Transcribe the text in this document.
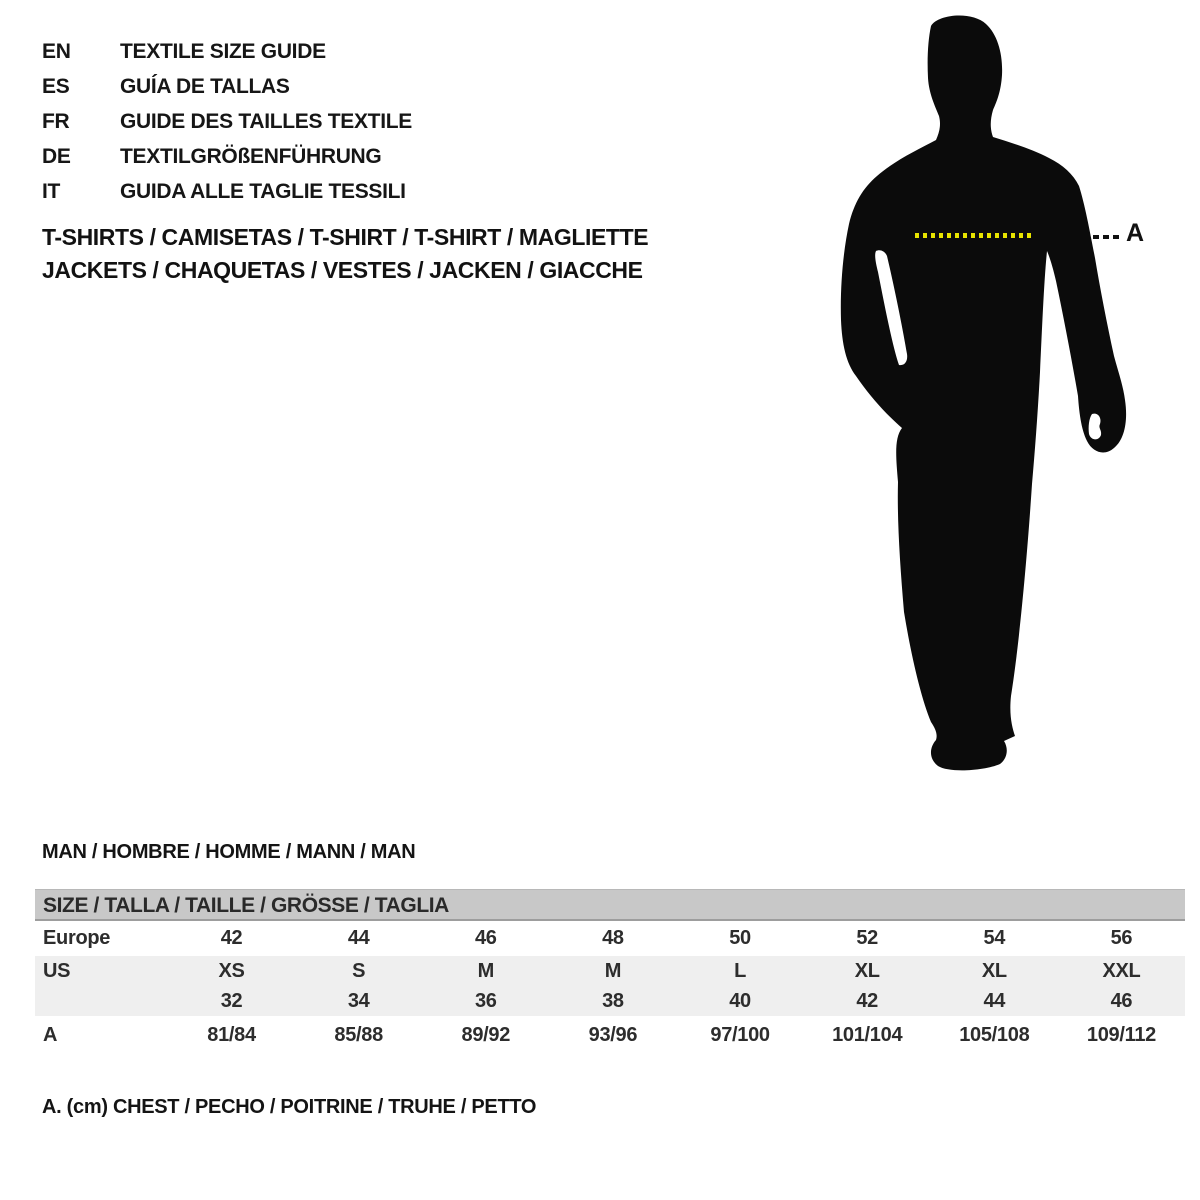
EN	TEXTILE SIZE GUIDE
ES	GUÍA DE TALLAS
FR	GUIDE DES TAILLES TEXTILE
DE	TEXTILGRÖßENFÜHRUNG
IT	GUIDA ALLE TAGLIE TESSILI
T-SHIRTS / CAMISETAS / T-SHIRT / T-SHIRT / MAGLIETTE
JACKETS / CHAQUETAS / VESTES / JACKEN / GIACCHE
A
MAN / HOMBRE / HOMME / MANN / MAN
SIZE / TALLA / TAILLE / GRÖSSE / TAGLIA
Europe	42	44	46	48	50	52	54	56
US	XS	S	M	M	L	XL	XL	XXL
32	34	36	38	40	42	44	46
A	81/84	85/88	89/92	93/96	97/100	101/104	105/108	109/112
A. (cm) CHEST / PECHO / POITRINE / TRUHE / PETTO
